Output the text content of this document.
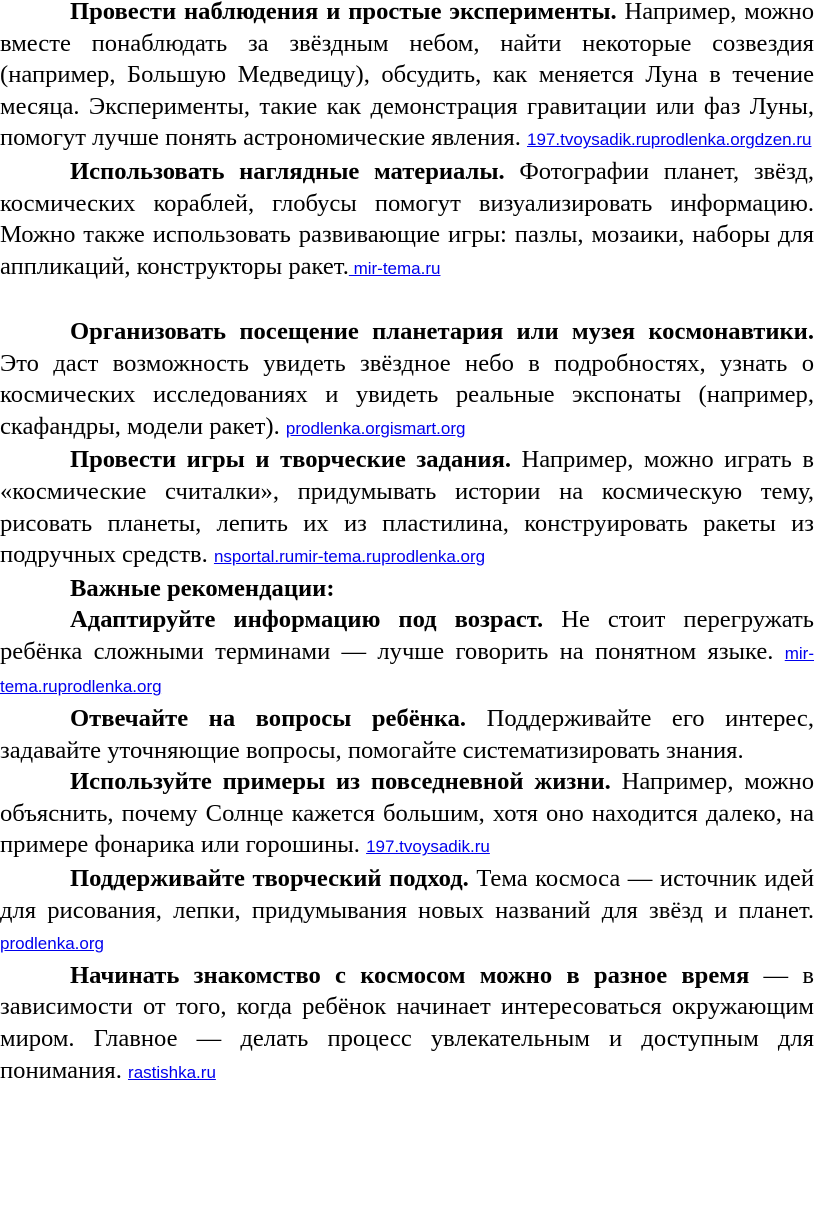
Провести наблюдения и простые эксперименты. Например, можно вместе понаблюдать за звёздным небом, найти некоторые созвездия (например, Большую Медведицу), обсудить, как меняется Луна в течение месяца. Эксперименты, такие как демонстрация гравитации или фаз Луны, помогут лучше понять астрономические явления. 197.tvoysadik.ruprodlenka.orgdzen.ru

Использовать наглядные материалы. Фотографии планет, звёзд, космических кораблей, глобусы помогут визуализировать информацию. Можно также использовать развивающие игры: пазлы, мозаики, наборы для аппликаций, конструкторы ракет. mir-tema.ru

Организовать посещение планетария или музея космонавтики. Это даст возможность увидеть звёздное небо в подробностях, узнать о космических исследованиях и увидеть реальные экспонаты (например, скафандры, модели ракет). prodlenka.orgismart.org

Провести игры и творческие задания. Например, можно играть в «космические считалки», придумывать истории на космическую тему, рисовать планеты, лепить их из пластилина, конструировать ракеты из подручных средств. nsportal.rumir-tema.ruprodlenka.org

Важные рекомендации:

Адаптируйте информацию под возраст. Не стоит перегружать ребёнка сложными терминами — лучше говорить на понятном языке. mir-tema.ruprodlenka.org

Отвечайте на вопросы ребёнка. Поддерживайте его интерес, задавайте уточняющие вопросы, помогайте систематизировать знания.

Используйте примеры из повседневной жизни. Например, можно объяснить, почему Солнце кажется большим, хотя оно находится далеко, на примере фонарика или горошины. 197.tvoysadik.ru

Поддерживайте творческий подход. Тема космоса — источник идей для рисования, лепки, придумывания новых названий для звёзд и планет. prodlenka.org

Начинать знакомство с космосом можно в разное время — в зависимости от того, когда ребёнок начинает интересоваться окружающим миром. Главное — делать процесс увлекательным и доступным для понимания. rastishka.ru
